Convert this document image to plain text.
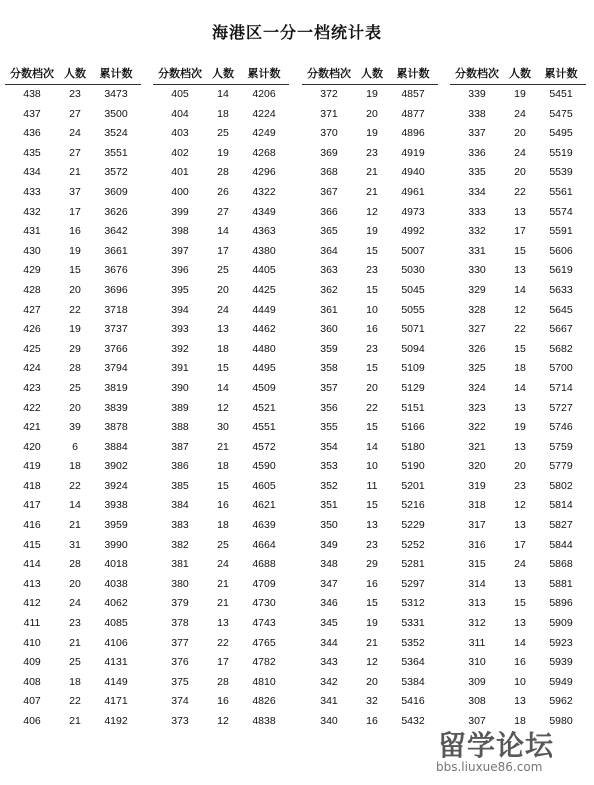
海港区一分一档统计表
分数档次 人数	累计数
438	23	3473
437	27	3500
436	24	3524
435	27	3551
434	21	3572
433	37	3609
432	17	3626
431	16	3642
430	19	3661
429	15	3676
428	20	3696
427	22	3718
426	19	3737
425	29	3766
424	28	3794
423	25	3819
422	20	3839
421	39	3878
420	6	3884
419	18	3902
418	22	3924
417	14	3938
416	21	3959
415	31	3990
414	28	4018
413	20	4038
412	24	4062
411	23	4085
410	21	4106
409	25	4131
408	18	4149
407	22	4171
406	21	4192
分数档次 人数	累计数
405	14	4206
404	18	4224
403	25	4249
402	19	4268
401	28	4296
400	26	4322
399	27	4349
398	14	4363
397	17	4380
396	25	4405
395	20	4425
394	24	4449
393	13	4462
392	18	4480
391	15	4495
390	14	4509
389	12	4521
388	30	4551
387	21	4572
386	18	4590
385	15	4605
384	16	4621
383	18	4639
382	25	4664
381	24	4688
380	21	4709
379	21	4730
378	13	4743
377	22	4765
376	17	4782
375	28	4810
374	16	4826
373	12	4838
分数档次 人数	累计数
372	19	4857
371	20	4877
370	19	4896
369	23	4919
368	21	4940
367	21	4961
366	12	4973
365	19	4992
364	15	5007
363	23	5030
362	15	5045
361	10	5055
360	16	5071
359	23	5094
358	15	5109
357	20	5129
356	22	5151
355	15	5166
354	14	5180
353	10	5190
352	11	5201
351	15	5216
350	13	5229
349	23	5252
348	29	5281
347	16	5297
346	15	5312
345	19	5331
344	21	5352
343	12	5364
342	20	5384
341	32	5416
340	16	5432
分数档次 人数	累计数
339	19	5451
338	24	5475
337	20	5495
336	24	5519
335	20	5539
334	22	5561
333	13	5574
332	17	5591
331	15	5606
330	13	5619
329	14	5633
328	12	5645
327	22	5667
326	15	5682
325	18	5700
324	14	5714
323	13	5727
322	19	5746
321	13	5759
320	20	5779
319	23	5802
318	12	5814
317	13	5827
316	17	5844
315	24	5868
314	13	5881
313	15	5896
312	13	5909
311	14	5923
310	16	5939
309	10	5949
308	13	5962
307	18	5980
留学论坛
bbs.liuxue86.com
